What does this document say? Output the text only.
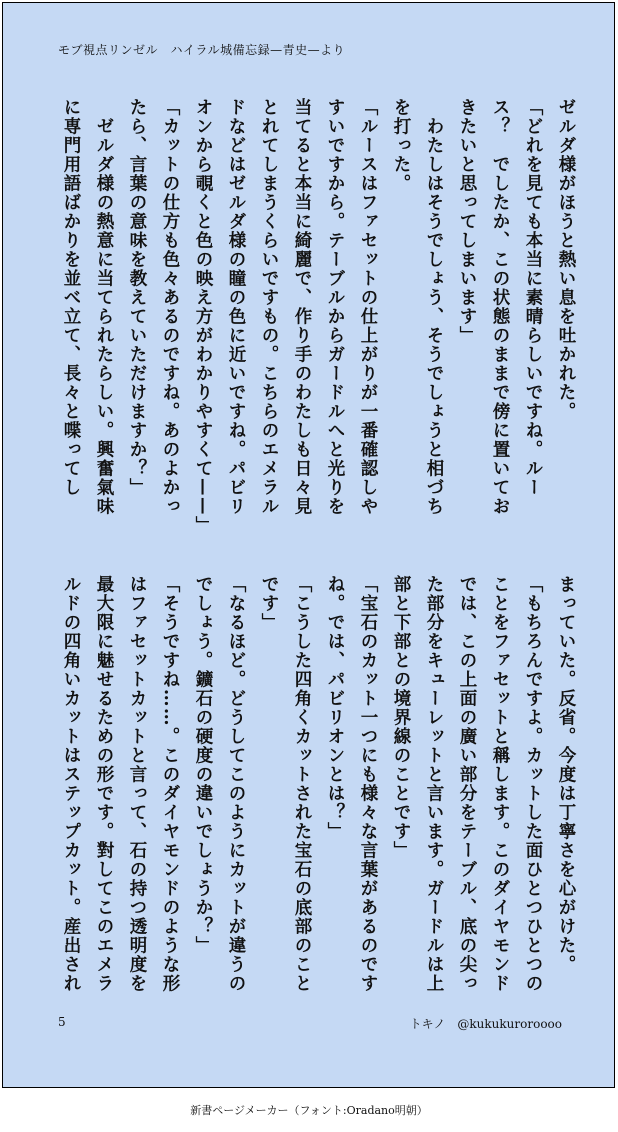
モブ視点リンゼル　ハイラル城備忘録—青史—より
ゼルダ様がほうと熱い息を吐かれた。
「どれを見ても本当に素晴らしいですね。ルー
ス？　でしたか、この状態のままで傍に置いてお
きたいと思ってしまいます」
　わたしはそうでしょう、そうでしょうと相づち
を打った。
「ルースはファセットの仕上がりが一番確認しや
すいですから。テーブルからガードルへと光りを
当てると本当に綺麗で、作り手のわたしも日々見
とれてしまうくらいですもの。こちらのエメラル
ドなどはゼルダ様の瞳の色に近いですね。パビリ
オンから覗くと色の映え方がわかりやすくて——」
「カットの仕方も色々あるのですね。あのよかっ
たら、言葉の意味を教えていただけますか？」
　ゼルダ様の熱意に当てられたらしい。興奮氣味
に専門用語ばかりを並べ立て、長々と喋ってし
まっていた。反省。今度は丁寧さを心がけた。
「もちろんですよ。カットした面ひとつひとつの
ことをファセットと稱します。このダイヤモンド
では、この上面の廣い部分をテーブル、底の尖っ
た部分をキューレットと言います。ガードルは上
部と下部との境界線のことです」
「宝石のカット一つにも様々な言葉があるのです
ね。では、パビリオンとは？」
「こうした四角くカットされた宝石の底部のこと
です」
「なるほど。どうしてこのようにカットが違うの
でしょう。鑛石の硬度の違いでしょうか？」
「そうですね……。このダイヤモンドのような形
はファセットカットと言って、石の持つ透明度を
最大限に魅せるための形です。對してこのエメラ
ルドの四角いカットはステップカット。産出され
5	トキノ　@kukukuroroooo
新書ページメーカー（フォント:Oradano明朝）
